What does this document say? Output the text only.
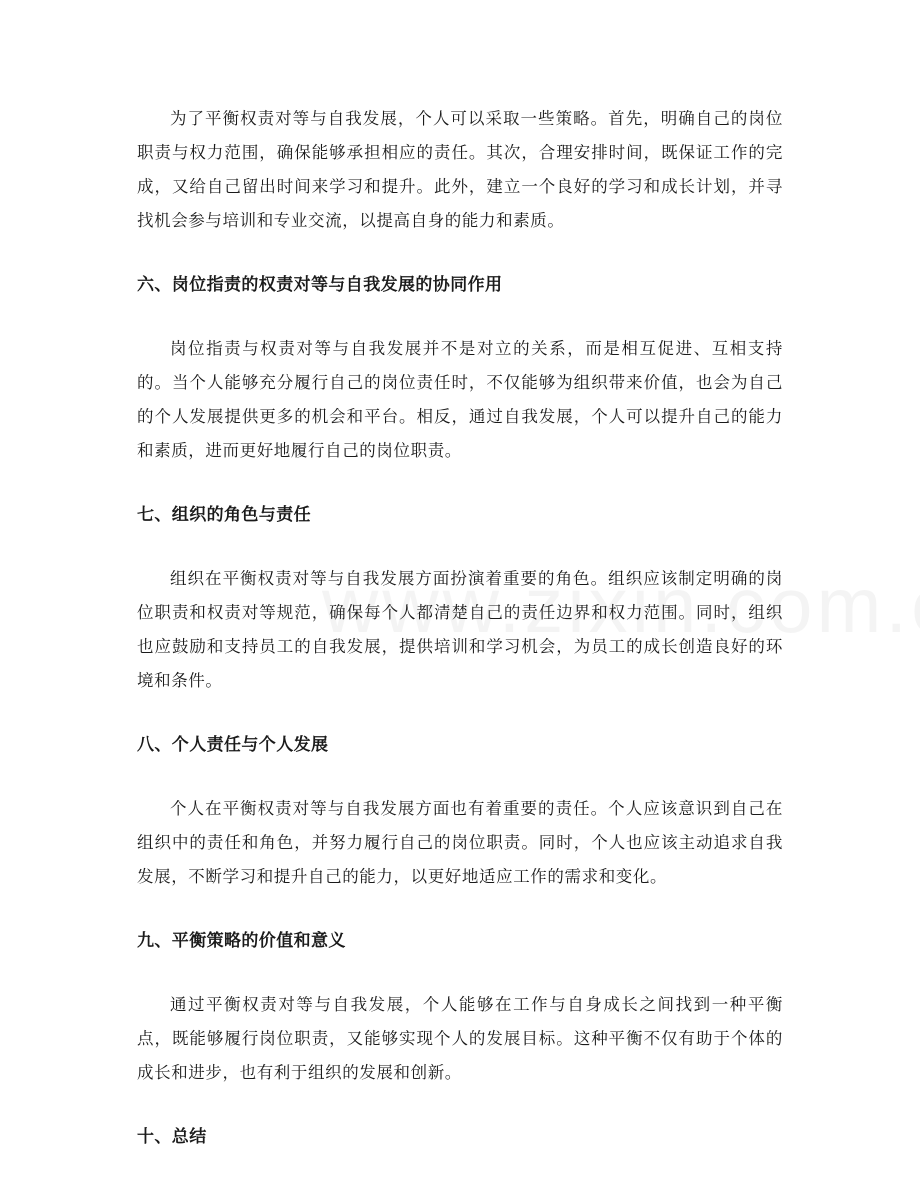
为了平衡权责对等与自我发展，个人可以采取一些策略。首先，明确自己的岗位职责与权力范围，确保能够承担相应的责任。其次，合理安排时间，既保证工作的完成，又给自己留出时间来学习和提升。此外，建立一个良好的学习和成长计划，并寻找机会参与培训和专业交流，以提高自身的能力和素质。

六、岗位指责的权责对等与自我发展的协同作用

岗位指责与权责对等与自我发展并不是对立的关系，而是相互促进、互相支持的。当个人能够充分履行自己的岗位责任时，不仅能够为组织带来价值，也会为自己的个人发展提供更多的机会和平台。相反，通过自我发展，个人可以提升自己的能力和素质，进而更好地履行自己的岗位职责。

七、组织的角色与责任

组织在平衡权责对等与自我发展方面扮演着重要的角色。组织应该制定明确的岗位职责和权责对等规范，确保每个人都清楚自己的责任边界和权力范围。同时，组织也应鼓励和支持员工的自我发展，提供培训和学习机会，为员工的成长创造良好的环境和条件。

八、个人责任与个人发展

个人在平衡权责对等与自我发展方面也有着重要的责任。个人应该意识到自己在组织中的责任和角色，并努力履行自己的岗位职责。同时，个人也应该主动追求自我发展，不断学习和提升自己的能力，以更好地适应工作的需求和变化。

九、平衡策略的价值和意义

通过平衡权责对等与自我发展，个人能够在工作与自身成长之间找到一种平衡点，既能够履行岗位职责，又能够实现个人的发展目标。这种平衡不仅有助于个体的成长和进步，也有利于组织的发展和创新。

十、总结
